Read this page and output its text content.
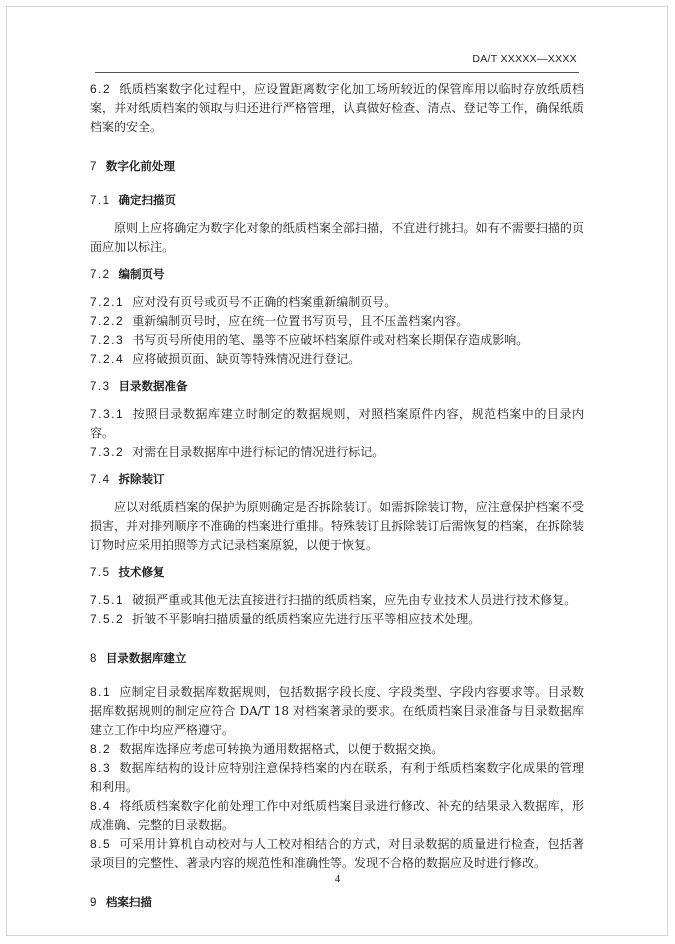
DA/T XXXXX—XXXX

6.2 纸质档案数字化过程中，应设置距离数字化加工场所较近的保管库用以临时存放纸质档案，并对纸质档案的领取与归还进行严格管理，认真做好检查、清点、登记等工作，确保纸质档案的安全。

7 数字化前处理

7.1 确定扫描页

原则上应将确定为数字化对象的纸质档案全部扫描，不宜进行挑扫。如有不需要扫描的页面应加以标注。

7.2 编制页号

7.2.1 应对没有页号或页号不正确的档案重新编制页号。

7.2.2 重新编制页号时，应在统一位置书写页号，且不压盖档案内容。

7.2.3 书写页号所使用的笔、墨等不应破坏档案原件或对档案长期保存造成影响。

7.2.4 应将破损页面、缺页等特殊情况进行登记。

7.3 目录数据准备

7.3.1 按照目录数据库建立时制定的数据规则，对照档案原件内容，规范档案中的目录内容。

7.3.2 对需在目录数据库中进行标记的情况进行标记。

7.4 拆除装订

应以对纸质档案的保护为原则确定是否拆除装订。如需拆除装订物，应注意保护档案不受损害，并对排列顺序不准确的档案进行重排。特殊装订且拆除装订后需恢复的档案，在拆除装订物时应采用拍照等方式记录档案原貌，以便于恢复。

7.5 技术修复

7.5.1 破损严重或其他无法直接进行扫描的纸质档案，应先由专业技术人员进行技术修复。

7.5.2 折皱不平影响扫描质量的纸质档案应先进行压平等相应技术处理。

8 目录数据库建立

8.1 应制定目录数据库数据规则，包括数据字段长度、字段类型、字段内容要求等。目录数据库数据规则的制定应符合 DA/T 18 对档案著录的要求。在纸质档案目录准备与目录数据库建立工作中均应严格遵守。

8.2 数据库选择应考虑可转换为通用数据格式，以便于数据交换。

8.3 数据库结构的设计应特别注意保持档案的内在联系，有利于纸质档案数字化成果的管理和利用。

8.4 将纸质档案数字化前处理工作中对纸质档案目录进行修改、补充的结果录入数据库，形成准确、完整的目录数据。

8.5 可采用计算机自动校对与人工校对相结合的方式，对目录数据的质量进行检查，包括著录项目的完整性、著录内容的规范性和准确性等。发现不合格的数据应及时进行修改。

9 档案扫描

4
